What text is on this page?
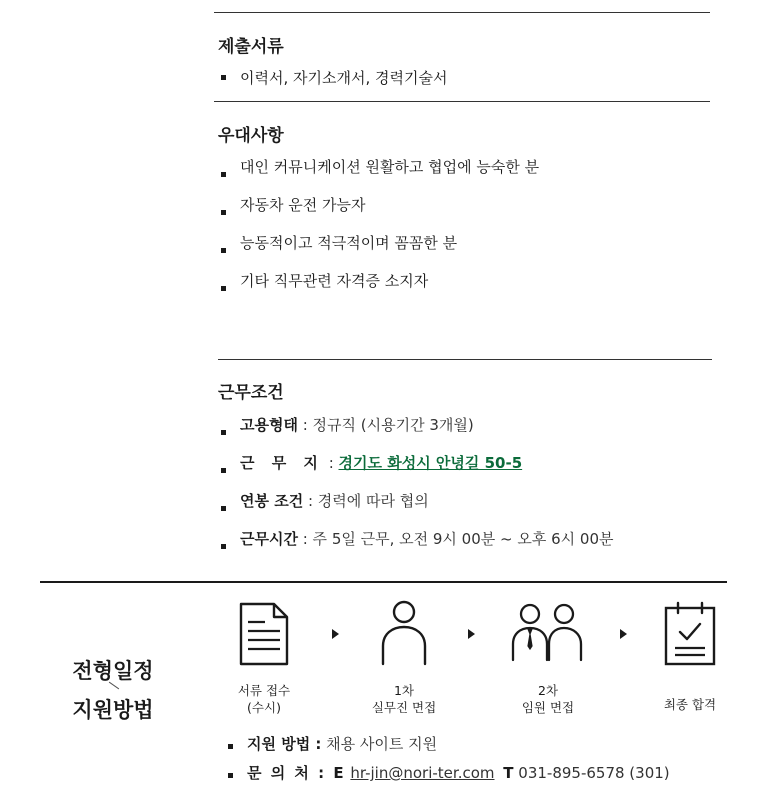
제출서류
이력서, 자기소개서, 경력기술서
우대사항
대인 커뮤니케이션 원활하고 협업에 능숙한 분
자동차 운전 가능자
능동적이고 적극적이며 꼼꼼한 분
기타 직무관련 자격증 소지자
근무조건
고용형태 : 정규직 (시용기간 3개월)
근 무 지 : 경기도 화성시 안녕길 50-5
연봉 조건 : 경력에 따라 협의
근무시간 : 주 5일 근무, 오전 9시 00분 ~ 오후 6시 00분
전형일정
지원방법
서류 접수
(수시)
1차
실무진 면접
2차
임원 면접	최종 합격
지원 방법 : 채용 사이트 지원
문 의 처 : E hr-jin@nori-ter.com T 031-895-6578 (301)
